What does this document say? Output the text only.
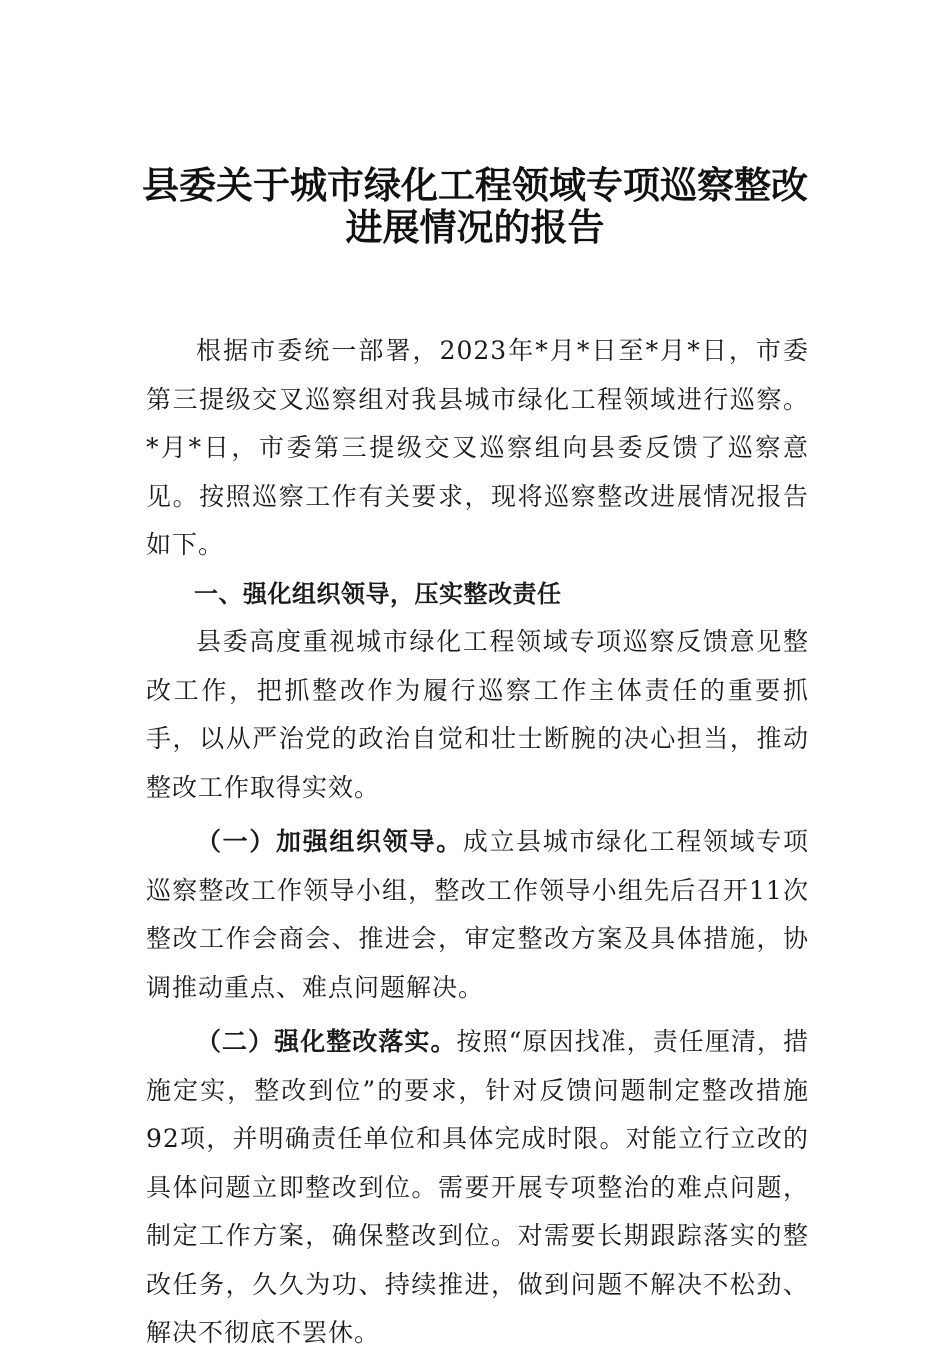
县委关于城市绿化工程领域专项巡察整改
进展情况的报告

根据市委统一部署，2023年*月*日至*月*日，市委第三提级交叉巡察组对我县城市绿化工程领域进行巡察。*月*日，市委第三提级交叉巡察组向县委反馈了巡察意见。按照巡察工作有关要求，现将巡察整改进展情况报告如下。

一、强化组织领导，压实整改责任

县委高度重视城市绿化工程领域专项巡察反馈意见整改工作，把抓整改作为履行巡察工作主体责任的重要抓手，以从严治党的政治自觉和壮士断腕的决心担当，推动整改工作取得实效。

（一）加强组织领导。成立县城市绿化工程领域专项巡察整改工作领导小组，整改工作领导小组先后召开11次整改工作会商会、推进会，审定整改方案及具体措施，协调推动重点、难点问题解决。

（二）强化整改落实。按照“原因找准，责任厘清，措施定实，整改到位”的要求，针对反馈问题制定整改措施92项，并明确责任单位和具体完成时限。对能立行立改的具体问题立即整改到位。需要开展专项整治的难点问题，制定工作方案，确保整改到位。对需要长期跟踪落实的整改任务，久久为功、持续推进，做到问题不解决不松劲、解决不彻底不罢休。
